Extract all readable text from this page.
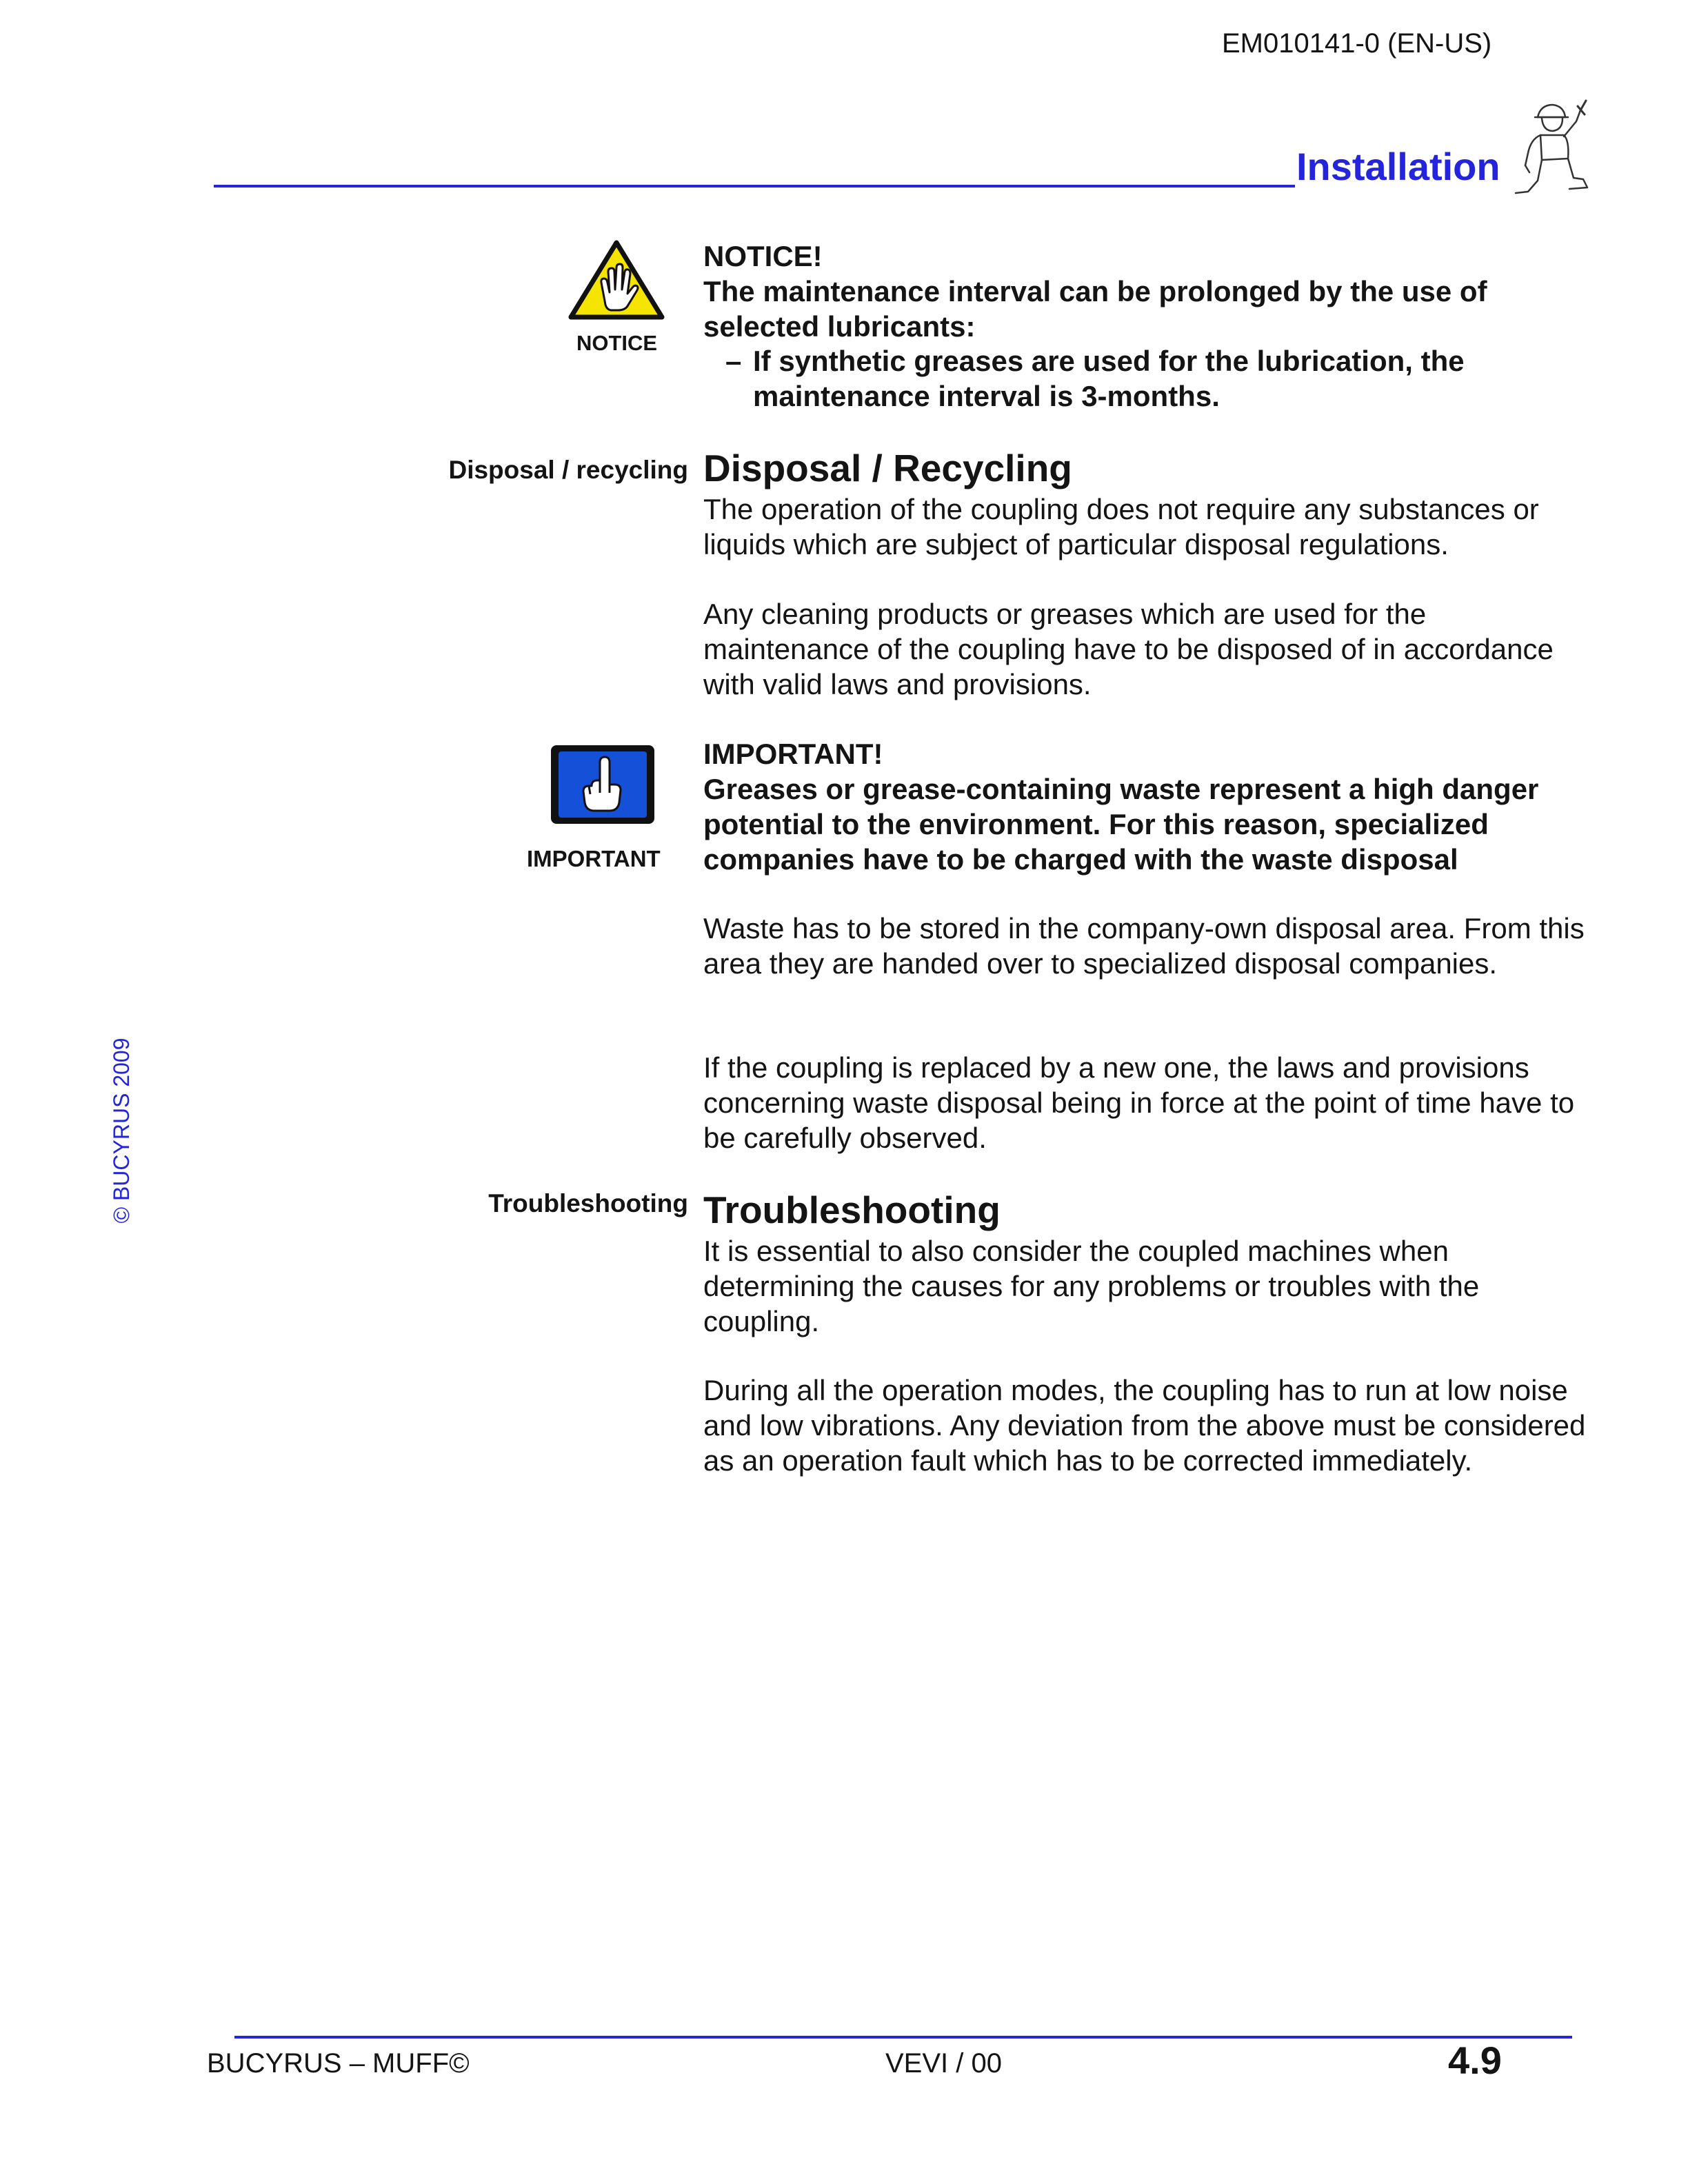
EM010141-0 (EN-US)
Installation
NOTICE

NOTICE!

The maintenance interval can be prolonged by the use of selected lubricants:

– If synthetic greases are used for the lubrication, the maintenance interval is 3-months.
Disposal / recycling Disposal / Recycling

The operation of the coupling does not require any substances or liquids which are subject of particular disposal regulations.

Any cleaning products or greases which are used for the maintenance of the coupling have to be disposed of in accordance with valid laws and provisions.

IMPORTANT

IMPORTANT!

Greases or grease-containing waste represent a high danger potential to the environment. For this reason, specialized companies have to be charged with the waste disposal

Waste has to be stored in the company-own disposal area. From this area they are handed over to specialized disposal companies.

If the coupling is replaced by a new one, the laws and provisions concerning waste disposal being in force at the point of time have to be carefully observed.

Troubleshooting Troubleshooting

It is essential to also consider the coupled machines when determining the causes for any problems or troubles with the coupling.

During all the operation modes, the coupling has to run at low noise and low vibrations. Any deviation from the above must be considered as an operation fault which has to be corrected immediately.

© BUCYRUS 2009
BUCYRUS – MUFF©	VEVI / 00	4.9
